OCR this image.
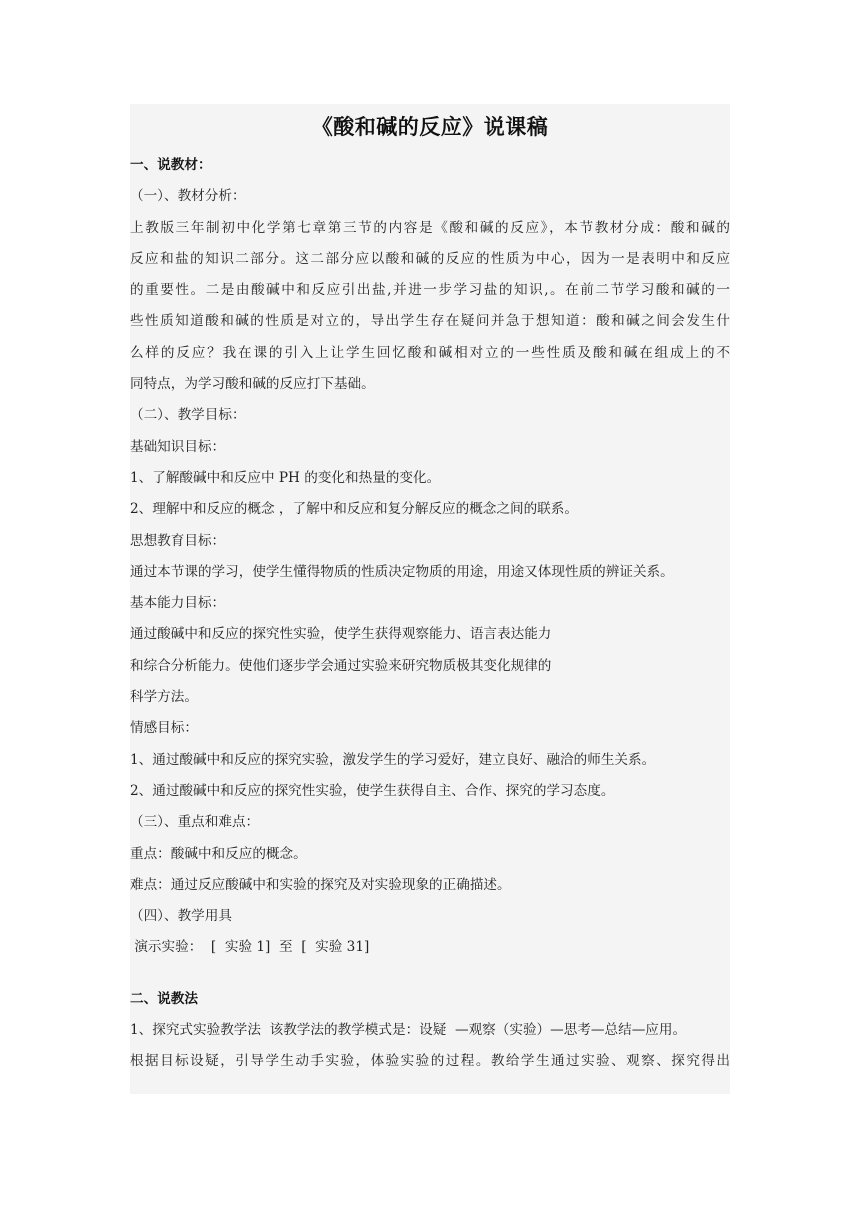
《酸和碱的反应》说课稿
一、说教材：
（一）、教材分析：
上教版三年制初中化学第七章第三节的内容是《酸和碱的反应》，本节教材分成：酸和碱的
反应和盐的知识二部分。这二部分应以酸和碱的反应的性质为中心，因为一是表明中和反应
的重要性。二是由酸碱中和反应引出盐,并进一步学习盐的知识,。在前二节学习酸和碱的一
些性质知道酸和碱的性质是对立的，导出学生存在疑问并急于想知道：酸和碱之间会发生什
么样的反应？我在课的引入上让学生回忆酸和碱相对立的一些性质及酸和碱在组成上的不
同特点，为学习酸和碱的反应打下基础。
（二）、教学目标：
基础知识目标：
1、了解酸碱中和反应中 PH 的变化和热量的变化。
2、理解中和反应的概念 ，了解中和反应和复分解反应的概念之间的联系。
思想教育目标：
通过本节课的学习，使学生懂得物质的性质决定物质的用途，用途又体现性质的辨证关系。
基本能力目标：
通过酸碱中和反应的探究性实验，使学生获得观察能力、语言表达能力
和综合分析能力。使他们逐步学会通过实验来研究物质极其变化规律的
科学方法。
情感目标：
1、通过酸碱中和反应的探究实验，激发学生的学习爱好，建立良好、融洽的师生关系。
2、通过酸碱中和反应的探究性实验，使学生获得自主、合作、探究的学习态度。
（三）、重点和难点：
重点：酸碱中和反应的概念。
难点：通过反应酸碱中和实验的探究及对实验现象的正确描述。
（四）、教学用具
演示实验：  [  实验 1]  至  [  实验 31]
二、说教法
1、探究式实验教学法  该教学法的教学模式是：设疑  —观察（实验）—思考—总结—应用。
根据目标设疑，引导学生动手实验，体验实验的过程。教给学生通过实验、观察、探究得出
